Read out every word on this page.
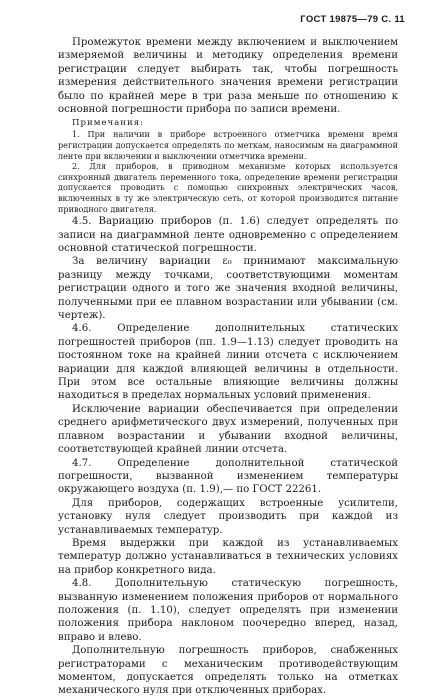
ГОСТ 19875—79 С. 11

Промежуток времени между включением и выключением измеряемой величины и методику определения времени регистрации следует выбирать так, чтобы погрешность измерения действительного значения времени регистрации было по крайней мере в три раза меньше по отношению к основной погрешности прибора по записи времени.

Примечания:

1. При наличии в приборе встроенного отметчика времени время регистрации допускается определять по меткам, наносимым на диаграммной ленте при включении и выключении отметчика времени.

2. Для приборов, в приводном механизме которых используется синхронный двигатель переменного тока, определение времени регистрации допускается проводить с помощью синхронных электрических часов, включенных в ту же электрическую сеть, от которой производится питание приводного двигателя.

4.5. Вариацию приборов (п. 1.6) следует определять по записи на диаграммной ленте одновременно с определением основной статической погрешности.

За величину вариации ε₀ принимают максимальную разницу между точками, соответствующими моментам регистрации одного и того же значения входной величины, полученными при ее плавном возрастании или убывании (см. чертеж).

4.6. Определение дополнительных статических погрешностей приборов (пп. 1.9—1.13) следует проводить на постоянном токе на крайней линии отсчета с исключением вариации для каждой влияющей величины в отдельности. При этом все остальные влияющие величины должны находиться в пределах нормальных условий применения.

Исключение вариации обеспечивается при определении среднего арифметического двух измерений, полученных при плавном возрастании и убывании входной величины, соответствующей крайней линии отсчета.

4.7. Определение дополнительной статической погрешности, вызванной изменением температуры окружающего воздуха (п. 1.9),— по ГОСТ 22261.

Для приборов, содержащих встроенные усилители, установку нуля следует производить при каждой из устанавливаемых температур.

Время выдержки при каждой из устанавливаемых температур должно устанавливаться в технических условиях на прибор конкретного вида.

4.8. Дополнительную статическую погрешность, вызванную изменением положения приборов от нормального положения (п. 1.10), следует определять при изменении положения прибора наклоном поочередно вперед, назад, вправо и влево.

Дополнительную погрешность приборов, снабженных регистраторами с механическим противодействующим моментом, допускается определять только на отметках механического нуля при отключенных приборах.
